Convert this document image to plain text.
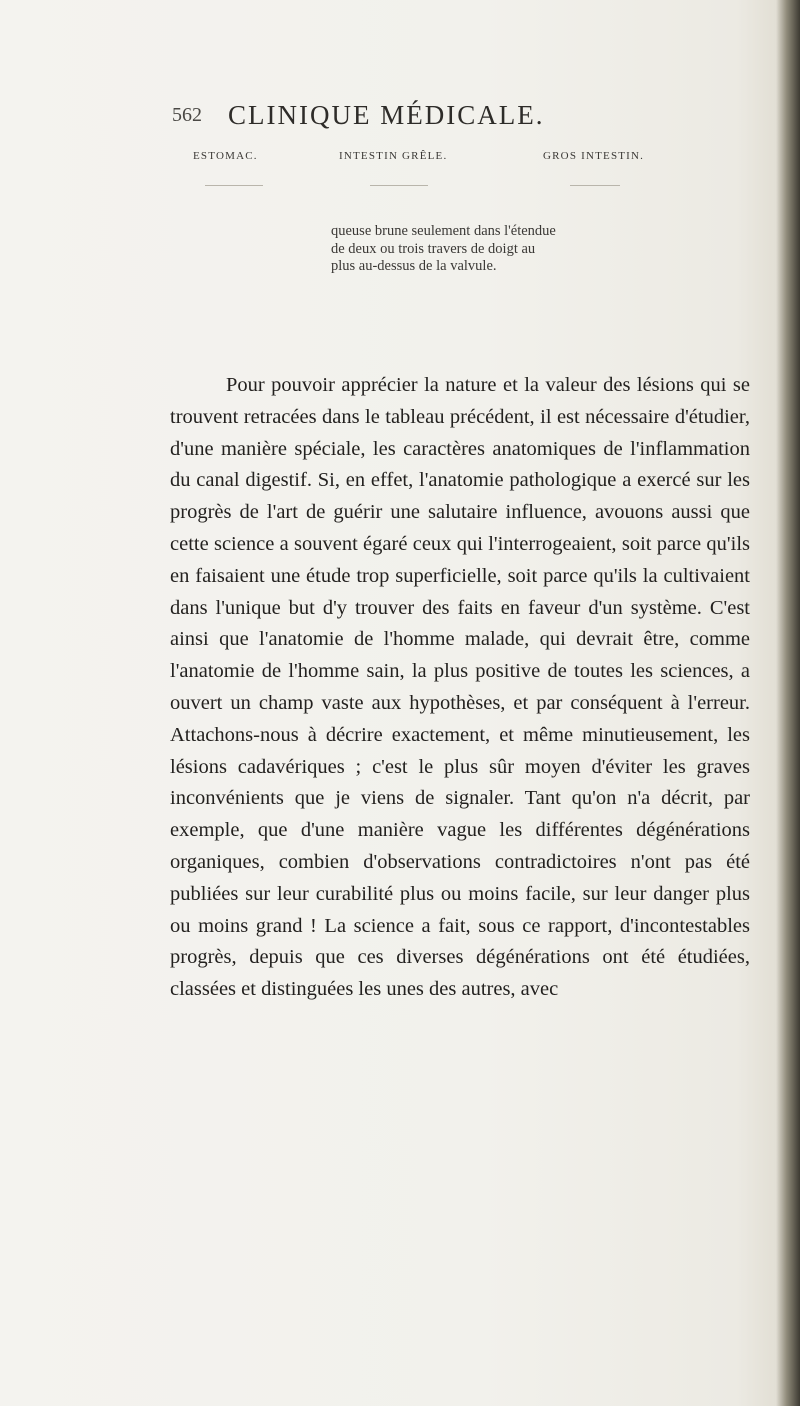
562 CLINIQUE MÉDICALE.
ESTOMAC.	INTESTIN GRÊLE.	GROS INTESTIN.
queuse brune seulement dans l'étendue de deux ou trois travers de doigt au plus au-dessus de la valvule.

Pour pouvoir apprécier la nature et la valeur des lésions qui se trouvent retracées dans le tableau précédent, il est nécessaire d'étudier, d'une manière spéciale, les caractères anatomiques de l'inflammation du canal digestif. Si, en effet, l'anatomie pathologique a exercé sur les progrès de l'art de guérir une salutaire influence, avouons aussi que cette science a souvent égaré ceux qui l'interrogeaient, soit parce qu'ils en faisaient une étude trop superficielle, soit parce qu'ils la cultivaient dans l'unique but d'y trouver des faits en faveur d'un système. C'est ainsi que l'anatomie de l'homme malade, qui devrait être, comme l'anatomie de l'homme sain, la plus positive de toutes les sciences, a ouvert un champ vaste aux hypothèses, et par conséquent à l'erreur. Attachons-nous à décrire exactement, et même minutieusement, les lésions cadavériques ; c'est le plus sûr moyen d'éviter les graves inconvénients que je viens de signaler. Tant qu'on n'a décrit, par exemple, que d'une manière vague les différentes dégénérations organiques, combien d'observations contradictoires n'ont pas été publiées sur leur curabilité plus ou moins facile, sur leur danger plus ou moins grand ! La science a fait, sous ce rapport, d'incontestables progrès, depuis que ces diverses dégénérations ont été étudiées, classées et distinguées les unes des autres, avec
